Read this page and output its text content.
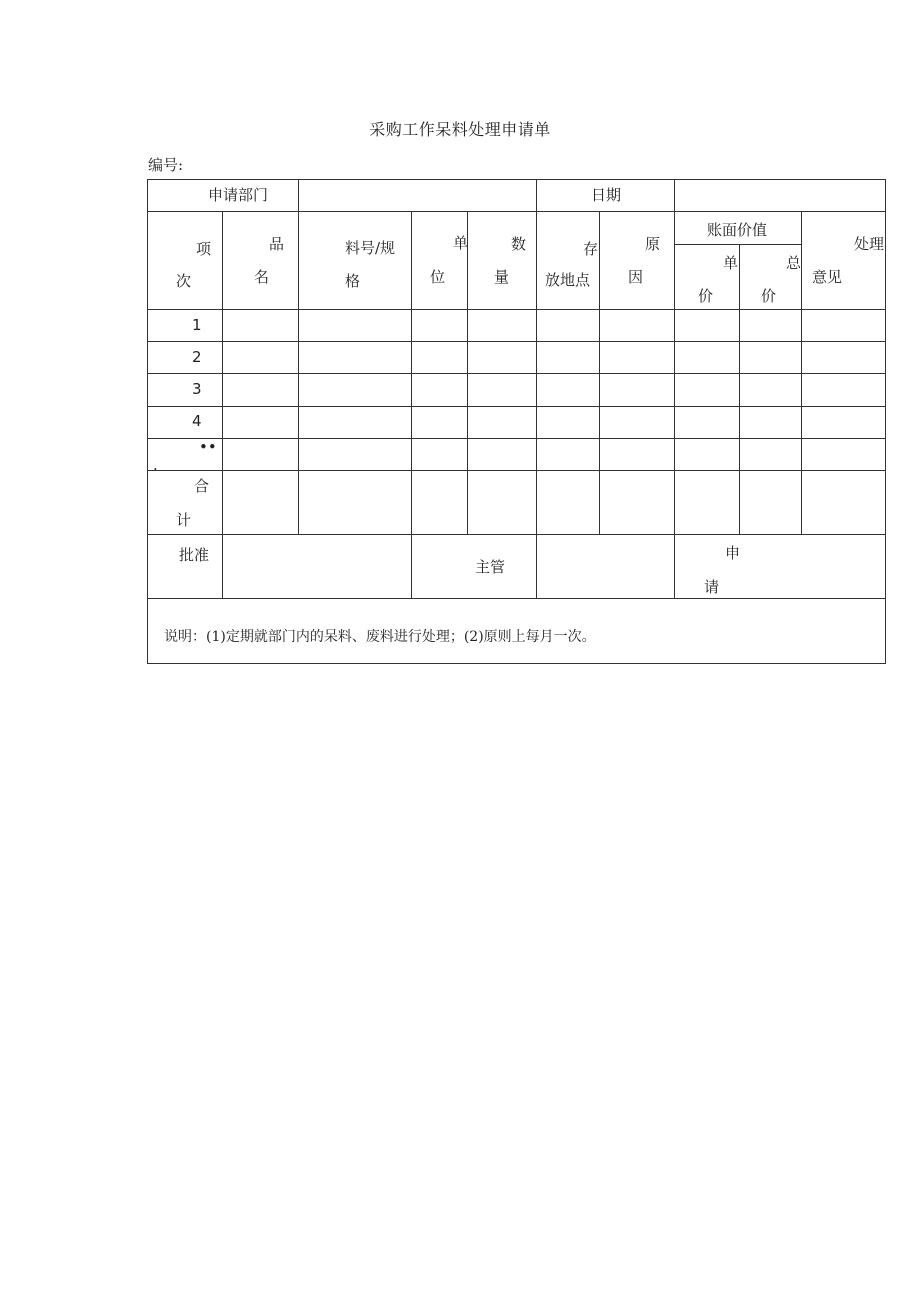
采购工作呆料处理申请单
编号:
申请部门	日期
项
次
品
名
料号/规
格
单
位
数
量
存
放地点
原
因
账面价值
单
价
总
价
处理
意见
1
2
3
4
••
.
合
计
批准
主管
申
请
说明：(1)定期就部门内的呆料、废料进行处理；(2)原则上每月一次。
